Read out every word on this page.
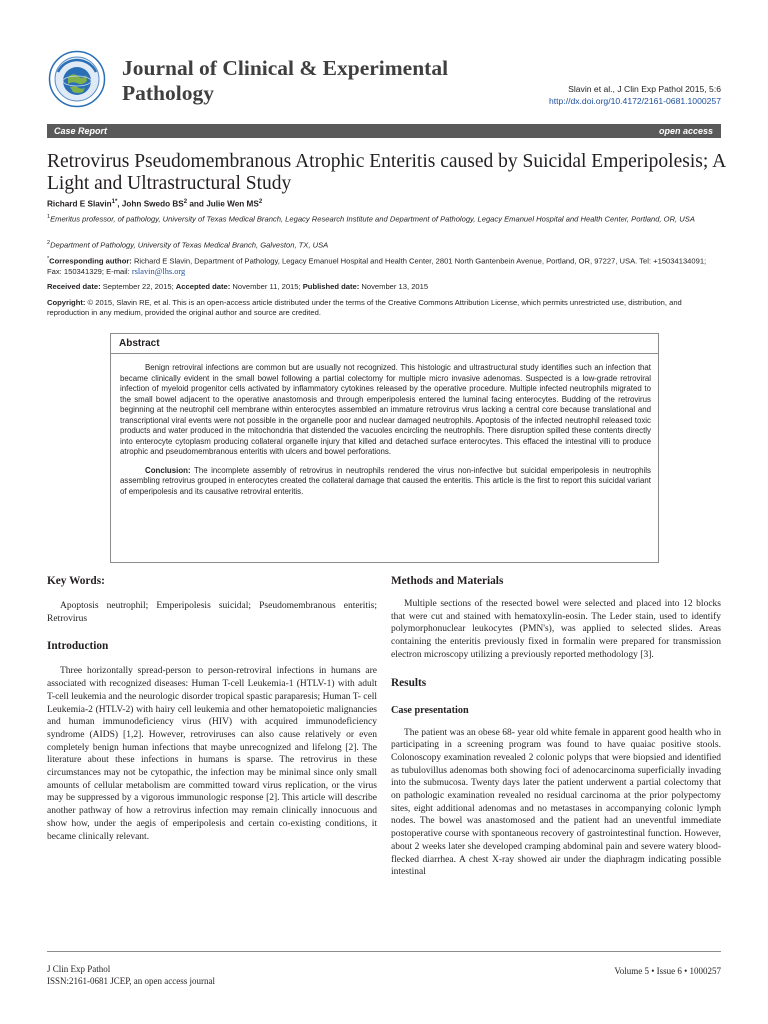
Journal of Clinical & Experimental Pathology	Slavin et al., J Clin Exp Pathol 2015, 5:6
http://dx.doi.org/10.4172/2161-0681.1000257
Case Report	open access
Retrovirus Pseudomembranous Atrophic Enteritis caused by Suicidal Emperipolesis; A Light and Ultrastructural Study
Richard E Slavin$^{1*}$, John Swedo $BS^2$ and Julie Wen $MS^2$
$^1$Emeritus professor, of pathology, University of Texas Medical Branch, Legacy Research Institute and Department of Pathology, Legacy Emanuel Hospital and Health Center, Portland, OR, USA
$^2$Department of Pathology, University of Texas Medical Branch, Galveston, TX, USA
*Corresponding author: Richard E Slavin, Department of Pathology, Legacy Emanuel Hospital and Health Center, 2801 North Gantenbein Avenue, Portland, OR, 97227, USA. Tel: +15034134091; Fax: 150341329; E-mail: rslavin@lhs.org
Received date: September 22, 2015; Accepted date: November 11, 2015; Published date: November 13, 2015
Copyright: © 2015, Slavin RE, et al. This is an open-access article distributed under the terms of the Creative Commons Attribution License, which permits unrestricted use, distribution, and reproduction in any medium, provided the original author and source are credited.
Abstract

Benign retroviral infections are common but are usually not recognized. This histologic and ultrastructural study identifies such an infection that became clinically evident in the small bowel following a partial colectomy for multiple micro invasive adenomas. Suspected is a low-grade retroviral infection of myeloid progenitor cells activated by inflammatory cytokines released by the operative procedure. Multiple infected neutrophils migrated to the small bowel adjacent to the operative anastomosis and through emperipolesis entered the luminal facing enterocytes. Budding of the retrovirus beginning at the neutrophil cell membrane within enterocytes assembled an immature retrovirus virus lacking a central core because translational and transcriptional viral events were not possible in the organelle poor and nuclear damaged neutrophils. Apoptosis of the infected neutrophil released toxic products and water produced in the mitochondria that distended the vacuoles encircling the neutrophils. There disruption spilled these contents directly into enterocyte cytoplasm producing collateral organelle injury that killed and detached surface enterocytes. This effaced the intestinal villi to produce atrophic and pseudomembranous enteritis with ulcers and bowel perforations.

Conclusion: The incomplete assembly of retrovirus in neutrophils rendered the virus non-infective but suicidal emperipolesis in neutrophils assembling retrovirus grouped in enterocytes created the collateral damage that caused the enteritis. This article is the first to report this suicidal variant of emperipolesis and its causative retroviral enteritis.

Key Words:

Apoptosis neutrophil; Emperipolesis suicidal; Pseudomembranous enteritis; Retrovirus

Introduction

Three horizontally spread-person to person-retroviral infections in humans are associated with recognized diseases: Human T-cell Leukemia-1 (HTLV-1) with adult T-cell leukemia and the neurologic disorder tropical spastic paraparesis; Human T- cell Leukemia-2 (HTLV-2) with hairy cell leukemia and other hematopoietic malignancies and human immunodeficiency virus (HIV) with acquired immunodeficiency syndrome (AIDS) [1,2]. However, retroviruses can also cause relatively or even completely benign human infections that maybe unrecognized and lifelong [2]. The literature about these infections in humans is sparse. The retrovirus in these circumstances may not be cytopathic, the infection may be minimal since only small amounts of cellular metabolism are committed toward virus replication, or the virus may be suppressed by a vigorous immunologic response [2]. This article will describe another pathway of how a retrovirus infection may remain clinically innocuous and show how, under the aegis of emperipolesis and certain co-existing conditions, it became clinically relevant.

Methods and Materials

Multiple sections of the resected bowel were selected and placed into 12 blocks that were cut and stained with hematoxylin-eosin. The Leder stain, used to identify polymorphonuclear leukocytes (PMN's), was applied to selected slides. Areas containing the enteritis previously fixed in formalin were prepared for transmission electron microscopy utilizing a previously reported methodology [3].

Results
Case presentation

The patient was an obese 68- year old white female in apparent good health who in participating in a screening program was found to have quaiac positive stools. Colonoscopy examination revealed 2 colonic polyps that were biopsied and identified as tubulovillus adenomas both showing foci of adenocarcinoma superficially invading into the submucosa. Twenty days later the patient underwent a partial colectomy that on pathologic examination revealed no residual carcinoma at the prior polypectomy sites, eight additional adenomas and no metastases in accompanying colonic lymph nodes. The bowel was anastomosed and the patient had an uneventful immediate postoperative course with spontaneous recovery of gastrointestinal function. However, about 2 weeks later she developed cramping abdominal pain and severe watery blood-flecked diarrhea. A chest X-ray showed air under the diaphragm indicating possible intestinal

J Clin Exp Pathol
ISSN:2161-0681 JCEP, an open access journal
Volume 5 • Issue 6 • 1000257
